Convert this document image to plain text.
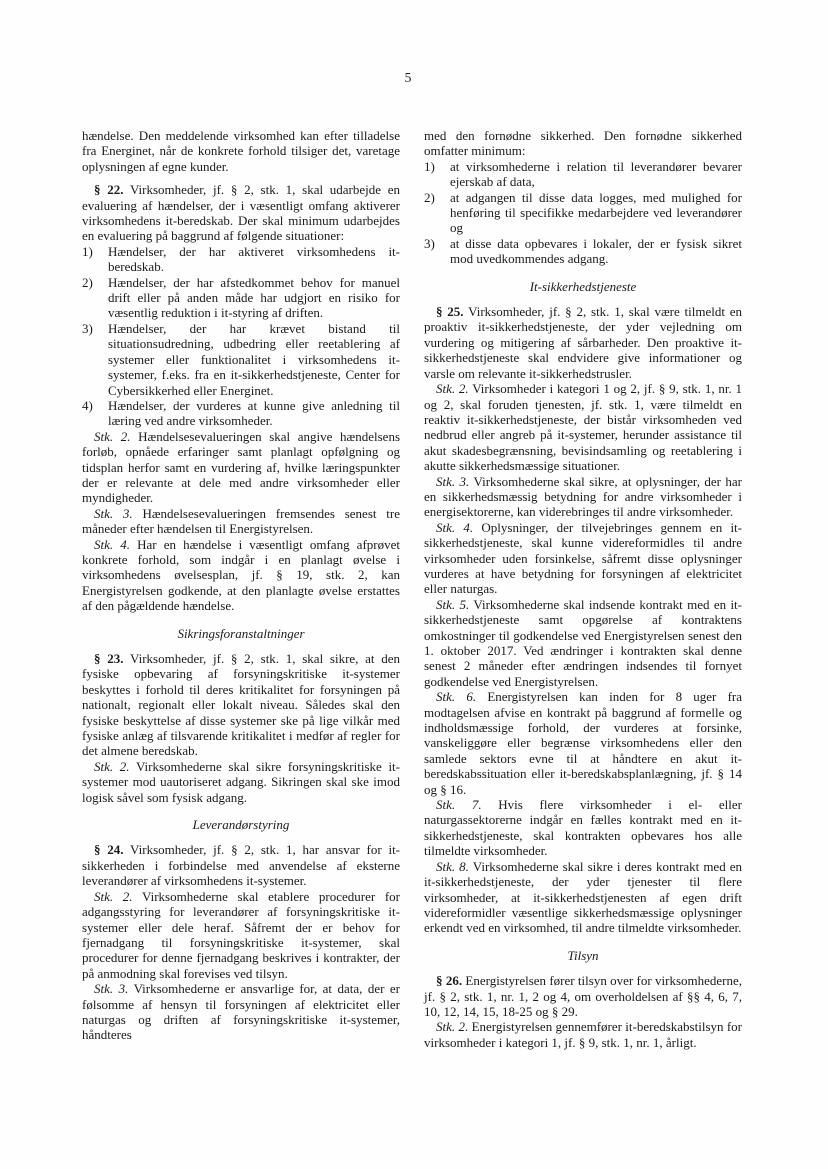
5

hændelse. Den meddelende virksomhed kan efter tilladelse fra Energinet, når de konkrete forhold tilsiger det, varetage oplysningen af egne kunder.

§ 22. Virksomheder, jf. § 2, stk. 1, skal udarbejde en evaluering af hændelser, der i væsentligt omfang aktiverer virksomhedens it-beredskab. Der skal minimum udarbejdes en evaluering på baggrund af følgende situationer:

1) Hændelser, der har aktiveret virksomhedens it-beredskab.
2) Hændelser, der har afstedkommet behov for manuel drift eller på anden måde har udgjort en risiko for væsentlig reduktion i it-styring af driften.
3) Hændelser, der har krævet bistand til situationsudredning, udbedring eller reetablering af systemer eller funktionalitet i virksomhedens it-systemer, f.eks. fra en it-sikkerhedstjeneste, Center for Cybersikkerhed eller Energinet.
4) Hændelser, der vurderes at kunne give anledning til læring ved andre virksomheder.

Stk. 2. Hændelsesevalueringen skal angive hændelsens forløb, opnåede erfaringer samt planlagt opfølgning og tidsplan herfor samt en vurdering af, hvilke læringspunkter der er relevante at dele med andre virksomheder eller myndigheder.

Stk. 3. Hændelsesevalueringen fremsendes senest tre måneder efter hændelsen til Energistyrelsen.

Stk. 4. Har en hændelse i væsentligt omfang afprøvet konkrete forhold, som indgår i en planlagt øvelse i virksomhedens øvelsesplan, jf. § 19, stk. 2, kan Energistyrelsen godkende, at den planlagte øvelse erstattes af den pågældende hændelse.

Sikringsforanstaltninger

§ 23. Virksomheder, jf. § 2, stk. 1, skal sikre, at den fysiske opbevaring af forsyningskritiske it-systemer beskyttes i forhold til deres kritikalitet for forsyningen på nationalt, regionalt eller lokalt niveau. Således skal den fysiske beskyttelse af disse systemer ske på lige vilkår med fysiske anlæg af tilsvarende kritikalitet i medfør af regler for det almene beredskab.

Stk. 2. Virksomhederne skal sikre forsyningskritiske it-systemer mod uautoriseret adgang. Sikringen skal ske imod logisk såvel som fysisk adgang.

Leverandørstyring

§ 24. Virksomheder, jf. § 2, stk. 1, har ansvar for it-sikkerheden i forbindelse med anvendelse af eksterne leverandører af virksomhedens it-systemer.

Stk. 2. Virksomhederne skal etablere procedurer for adgangsstyring for leverandører af forsyningskritiske it-systemer eller dele heraf. Såfremt der er behov for fjernadgang til forsyningskritiske it-systemer, skal procedurer for denne fjernadgang beskrives i kontrakter, der på anmodning skal forevises ved tilsyn.

Stk. 3. Virksomhederne er ansvarlige for, at data, der er følsomme af hensyn til forsyningen af elektricitet eller naturgas og driften af forsyningskritiske it-systemer, håndteres

med den fornødne sikkerhed. Den fornødne sikkerhed omfatter minimum:

1) at virksomhederne i relation til leverandører bevarer ejerskab af data,
2) at adgangen til disse data logges, med mulighed for henføring til specifikke medarbejdere ved leverandører og
3) at disse data opbevares i lokaler, der er fysisk sikret mod uvedkommendes adgang.
It-sikkerhedstjeneste

§ 25. Virksomheder, jf. § 2, stk. 1, skal være tilmeldt en proaktiv it-sikkerhedstjeneste, der yder vejledning om vurdering og mitigering af sårbarheder. Den proaktive it-sikkerhedstjeneste skal endvidere give informationer og varsle om relevante it-sikkerhedstrusler.

Stk. 2. Virksomheder i kategori 1 og 2, jf. § 9, stk. 1, nr. 1 og 2, skal foruden tjenesten, jf. stk. 1, være tilmeldt en reaktiv it-sikkerhedstjeneste, der bistår virksomheden ved nedbrud eller angreb på it-systemer, herunder assistance til akut skadesbegrænsning, bevisindsamling og reetablering i akutte sikkerhedsmæssige situationer.

Stk. 3. Virksomhederne skal sikre, at oplysninger, der har en sikkerhedsmæssig betydning for andre virksomheder i energisektorerne, kan viderebringes til andre virksomheder.

Stk. 4. Oplysninger, der tilvejebringes gennem en it-sikkerhedstjeneste, skal kunne videreformidles til andre virksomheder uden forsinkelse, såfremt disse oplysninger vurderes at have betydning for forsyningen af elektricitet eller naturgas.

Stk. 5. Virksomhederne skal indsende kontrakt med en it-sikkerhedstjeneste samt opgørelse af kontraktens omkostninger til godkendelse ved Energistyrelsen senest den 1. oktober 2017. Ved ændringer i kontrakten skal denne senest 2 måneder efter ændringen indsendes til fornyet godkendelse ved Energistyrelsen.

Stk. 6. Energistyrelsen kan inden for 8 uger fra modtagelsen afvise en kontrakt på baggrund af formelle og indholdsmæssige forhold, der vurderes at forsinke, vanskeliggøre eller begrænse virksomhedens eller den samlede sektors evne til at håndtere en akut it-beredskabssituation eller it-beredskabsplanlægning, jf. § 14 og § 16.

Stk. 7. Hvis flere virksomheder i el- eller naturgassektorerne indgår en fælles kontrakt med en it-sikkerhedstjeneste, skal kontrakten opbevares hos alle tilmeldte virksomheder.

Stk. 8. Virksomhederne skal sikre i deres kontrakt med en it-sikkerhedstjeneste, der yder tjenester til flere virksomheder, at it-sikkerhedstjenesten af egen drift videreformidler væsentlige sikkerhedsmæssige oplysninger erkendt ved en virksomhed, til andre tilmeldte virksomheder.

Tilsyn

§ 26. Energistyrelsen fører tilsyn over for virksomhederne, jf. § 2, stk. 1, nr. 1, 2 og 4, om overholdelsen af §§ 4, 6, 7, 10, 12, 14, 15, 18-25 og § 29.

Stk. 2. Energistyrelsen gennemfører it-beredskabstilsyn for virksomheder i kategori 1, jf. § 9, stk. 1, nr. 1, årligt.
